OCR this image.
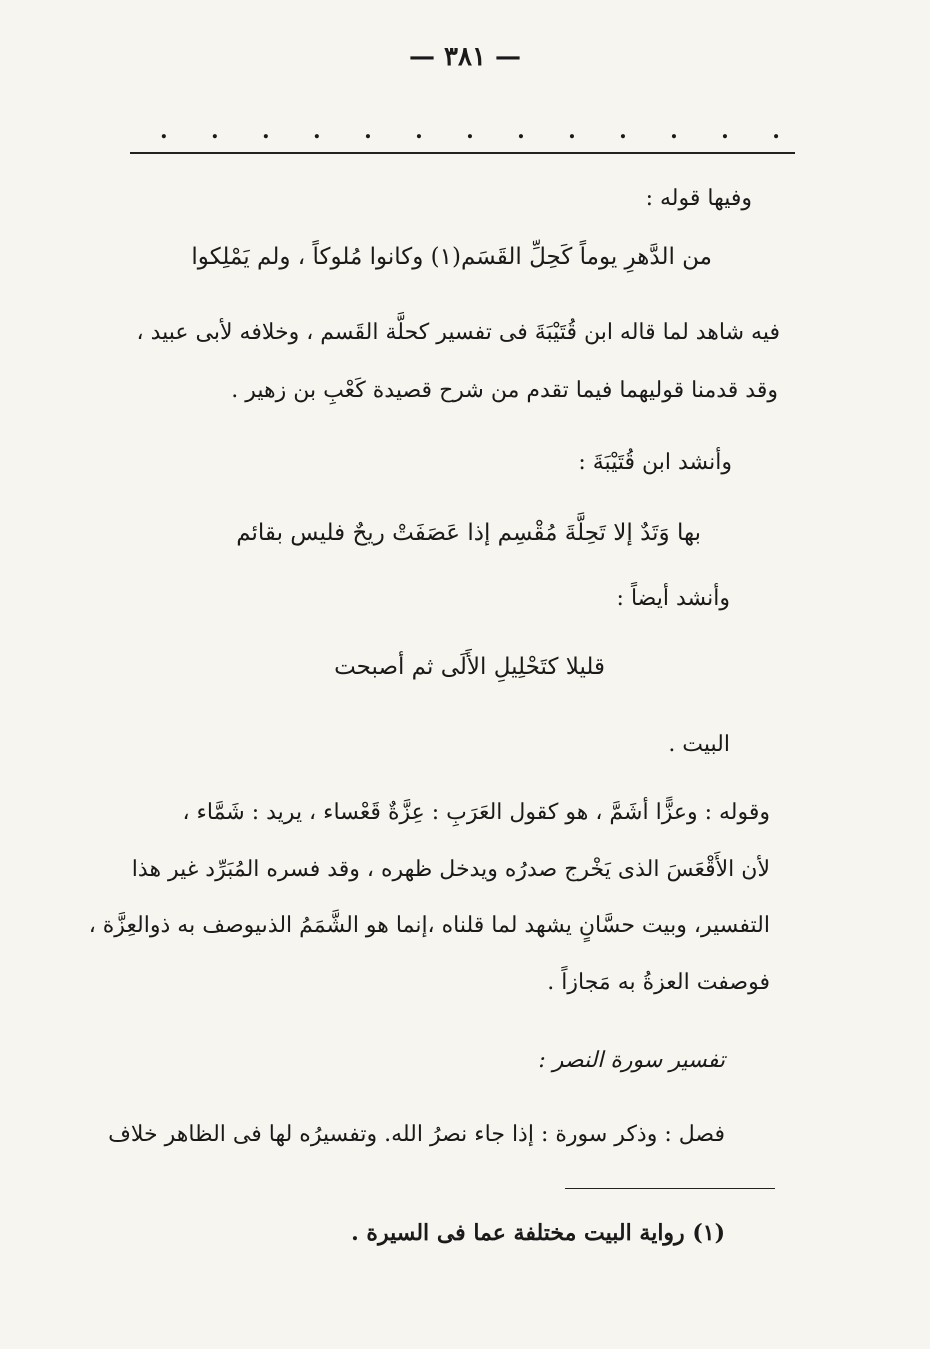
— ٣٨١ —
. . . . . . . . . . . . .
وفيها قوله :
وكانوا مُلوكاً ، ولم يَمْلِكوا من الدَّهرِ يوماً كَحِلِّ القَسَم(١)
فيه شاهد لما قاله ابن قُتَيْبَةَ فى تفسير كحلَّة القَسم ، وخلافه لأبى عبيد ،
وقد قدمنا قوليهما فيما تقدم من شرح قصيدة كَعْبِ بن زهير .
وأنشد ابن قُتَيْبَةَ :
إذا عَصَفَتْ ريحٌ فليس بقائم بها وَتَدٌ إلا تَحِلَّةَ مُقْسِم
وأنشد أيضاً :
قليلا كتَحْلِيلِ الأَلَى ثم أصبحت
البيت .
وقوله : وعزًّا أشَمَّ ، هو كقول العَرَبِ : عِزَّةٌ قَعْساء ، يريد : شَمَّاء ،
لأن الأَقْعَسَ الذى يَخْرج صدرُه ويدخل ظهره ، وقد فسره المُبَرِّد غير هذا
التفسير، وبيت حسَّانٍ يشهد لما قلناه ،إنما هو الشَّمَمُ الذىيوصف به ذوالعِزَّة ،
فوصفت العزةُ به مَجازاً .
تفسير سورة النصر :
فصل : وذكر سورة : إذا جاء نصرُ الله. وتفسيرُه لها فى الظاهر خلاف
(١) رواية البيت مختلفة عما فى السيرة .
